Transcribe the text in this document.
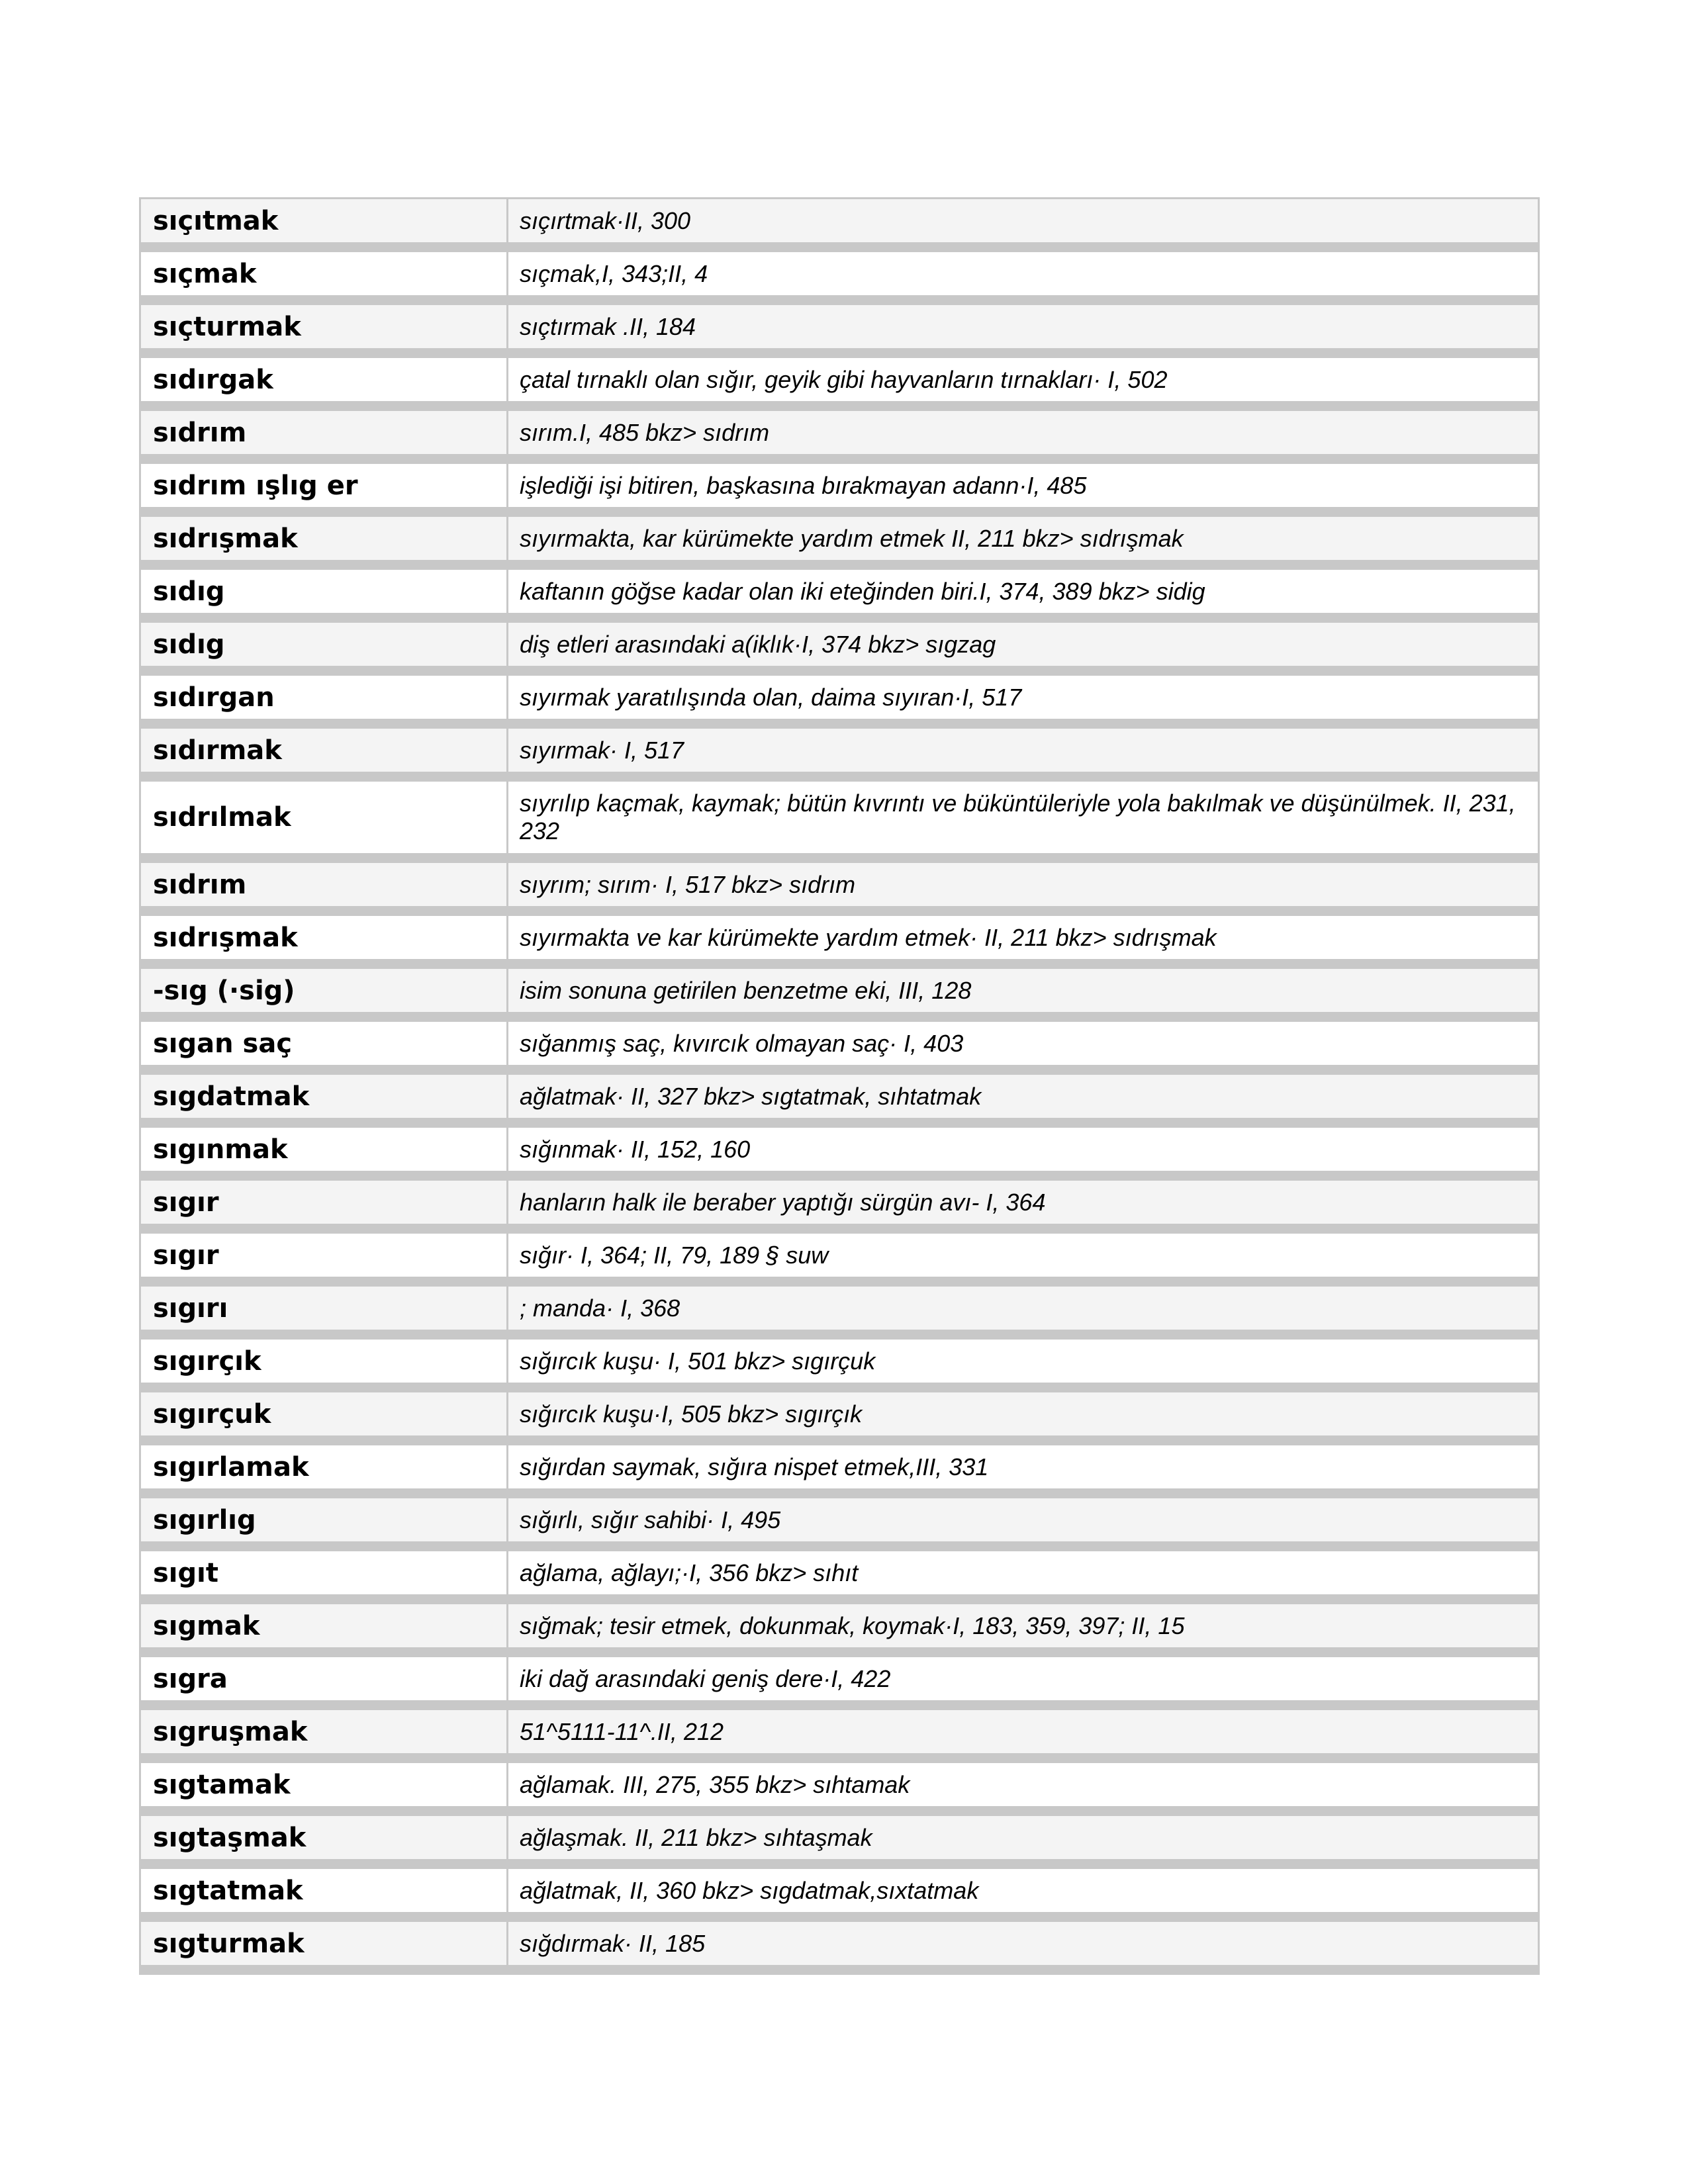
sıçıtmak	sıçırtmak·II, 300
sıçmak	sıçmak,I, 343;II, 4
sıçturmak	sıçtırmak .II, 184
sıdırgak	çatal tırnaklı olan sığır, geyik gibi hayvanların tırnakları· I, 502
sıdrım	sırım.I, 485 bkz> sıdrım
sıdrım ışlıg er	işlediği işi bitiren, başkasına bırakmayan adann·I, 485
sıdrışmak	sıyırmakta, kar kürümekte yardım etmek II, 211 bkz> sıdrışmak
sıdıg	kaftanın göğse kadar olan iki eteğinden biri.I, 374, 389 bkz> sidig
sıdıg	diş etleri arasındaki a(iklık·I, 374 bkz> sıgzag
sıdırgan	sıyırmak yaratılışında olan, daima sıyıran·I, 517
sıdırmak	sıyırmak· I, 517
sıdrılmak	sıyrılıp kaçmak, kaymak; bütün kıvrıntı ve büküntüleriyle yola bakılmak ve düşünülmek. II, 231, 232
sıdrım	sıyrım; sırım· I, 517 bkz> sıdrım
sıdrışmak	sıyırmakta ve kar kürümekte yardım etmek· II, 211 bkz> sıdrışmak
-sıg (·sig)	isim sonuna getirilen benzetme eki, III, 128
sıgan saç	sığanmış saç, kıvırcık olmayan saç· I, 403
sıgdatmak	ağlatmak· II, 327 bkz> sıgtatmak, sıhtatmak
sıgınmak	sığınmak· II, 152, 160
sıgır	hanların halk ile beraber yaptığı sürgün avı- I, 364
sıgır	sığır· I, 364; II, 79, 189 § suw
sıgırı	; manda· I, 368
sıgırçık	sığırcık kuşu· I, 501 bkz> sıgırçuk
sıgırçuk	sığırcık kuşu·I, 505 bkz> sıgırçık
sıgırlamak	sığırdan saymak, sığıra nispet etmek,III, 331
sıgırlıg	sığırlı, sığır sahibi· I, 495
sıgıt	ağlama, ağlayı;·I, 356 bkz> sıhıt
sıgmak	sığmak; tesir etmek, dokunmak, koymak·I, 183, 359, 397; II, 15
sıgra	iki dağ arasındaki geniş dere·I, 422
sıgruşmak	51^5111-11^.II, 212
sıgtamak	ağlamak. III, 275, 355 bkz> sıhtamak
sıgtaşmak	ağlaşmak. II, 211 bkz> sıhtaşmak
sıgtatmak	ağlatmak, II, 360 bkz> sıgdatmak,sıxtatmak
sıgturmak	sığdırmak· II, 185
